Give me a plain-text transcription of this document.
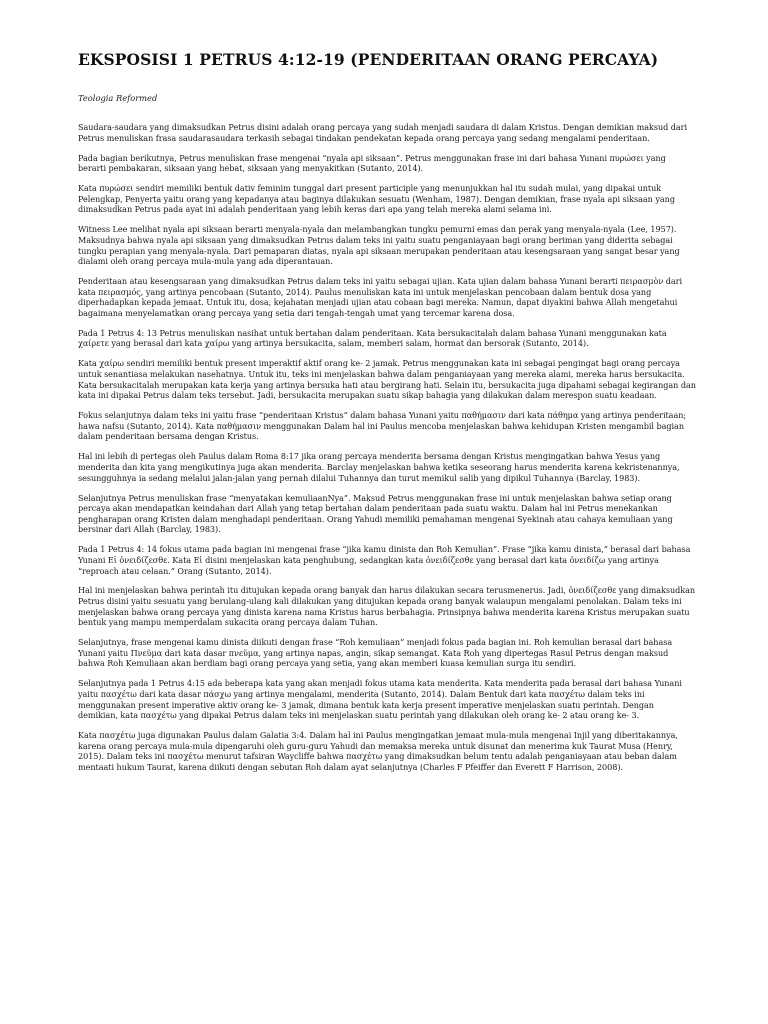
EKSPOSISI 1 PETRUS 4:12-19 (PENDERITAAN ORANG PERCAYA)
Teologia Reformed

Saudara-saudara yang dimaksudkan Petrus disini adalah orang percaya yang sudah menjadi saudara di dalam Kristus. Dengan demikian maksud dari Petrus menuliskan frasa saudarasaudara terkasih sebagai tindakan pendekatan kepada orang percaya yang sedang mengalami penderitaan.

Pada bagian berikutnya, Petrus menuliskan frase mengenai “nyala api siksaan”. Petrus menggunakan frase ini dari bahasa Yunani πυρώσει yang berarti pembakaran, siksaan yang hebat, siksaan yang menyakitkan (Sutanto, 2014).

Kata πυρώσει sendiri memiliki bentuk dativ feminim tunggal dari present participle yang menunjukkan hal itu sudah mulai, yang dipakai untuk Pelengkap, Penyerta yaitu orang yang kepadanya atau baginya dilakukan sesuatu (Wenham, 1987). Dengan demikian, frase nyala api siksaan yang dimaksudkan Petrus pada ayat ini adalah penderitaan yang lebih keras dari apa yang telah mereka alami selama ini.

Witness Lee melihat nyala api siksaan berarti menyala-nyala dan melambangkan tungku pemurni emas dan perak yang menyala-nyala (Lee, 1957). Maksudnya bahwa nyala api siksaan yang dimaksudkan Petrus dalam teks ini yaitu suatu penganiayaan bagi orang beriman yang diderita sebagai tungku perapian yang menyala-nyala. Dari pemaparan diatas, nyala api siksaan merupakan penderitaan atau kesengsaraan yang sangat besar yang dialami oleh orang percaya mula-mula yang ada diperantauan.

Penderitaan atau kesengsaraan yang dimaksudkan Petrus dalam teks ini yaitu sebagai ujian. Kata ujian dalam bahasa Yunani berarti πειρασμὸν dari kata πειρασμός, yang artinya pencobaan (Sutanto, 2014). Paulus menuliskan kata ini untuk menjelaskan pencobaan dalam bentuk dosa yang diperhadapkan kepada jemaat. Untuk itu, dosa, kejahatan menjadi ujian atau cobaan bagi mereka. Namun, dapat diyakini bahwa Allah mengetahui bagaimana menyelamatkan orang percaya yang setia dari tengah-tengah umat yang tercemar karena dosa.

Pada 1 Petrus 4: 13 Petrus menuliskan nasihat untuk bertahan dalam penderitaan. Kata bersukacitalah dalam bahasa Yunani menggunakan kata χαίρετε yang berasal dari kata χαίρω yang artinya bersukacita, salam, memberi salam, hormat dan bersorak (Sutanto, 2014).

Kata χαίρω sendiri memiliki bentuk present imperaktif aktif orang ke- 2 jamak. Petrus menggunakan kata ini sebagai pengingat bagi orang percaya untuk senantiasa melakukan nasehatnya. Untuk itu, teks ini menjelaskan bahwa dalam penganiayaan yang mereka alami, mereka harus bersukacita. Kata bersukacitalah merupakan kata kerja yang artinya bersuka hati atau bergirang hati. Selain itu, bersukacita juga dipahami sebagai kegirangan dan kata ini dipakai Petrus dalam teks tersebut. Jadi, bersukacita merupakan suatu sikap bahagia yang dilakukan dalam merespon suatu keadaan.

Fokus selanjutnya dalam teks ini yaitu frase “penderitaan Kristus” dalam bahasa Yunani yaitu παθήμασιν dari kata πάθημα yang artinya penderitaan; hawa nafsu (Sutanto, 2014). Kata παθήμασιν menggunakan Dalam hal ini Paulus mencoba menjelaskan bahwa kehidupan Kristen mengambil bagian dalam penderitaan bersama dengan Kristus.

Hal ini lebih di pertegas oleh Paulus dalam Roma 8:17 jika orang percaya menderita bersama dengan Kristus mengingatkan bahwa Yesus yang menderita dan kita yang mengikutinya juga akan menderita. Barclay menjelaskan bahwa ketika seseorang harus menderita karena kekristenannya, sesungguhnya ia sedang melalui jalan-jalan yang pernah dilalui Tuhannya dan turut memikul salib yang dipikul Tuhannya (Barclay, 1983).

Selanjutnya Petrus menuliskan frase “menyatakan kemuliaanNya”. Maksud Petrus menggunakan frase ini untuk menjelaskan bahwa setiap orang percaya akan mendapatkan keindahan dari Allah yang tetap bertahan dalam penderitaan pada suatu waktu. Dalam hal ini Petrus menekankan pengharapan orang Kristen dalam menghadapi penderitaan. Orang Yahudi memiliki pemahaman mengenai Syekinah atau cahaya kemuliaan yang bersinar dari Allah (Barclay, 1983).

Pada 1 Petrus 4: 14 fokus utama pada bagian ini mengenai frase “jika kamu dinista dan Roh Kemulian”. Frase “jika kamu dinista,” berasal dari bahasa Yunani Εἰ ὀνειδίζεσθε. Kata Εἰ disini menjelaskan kata penghubung, sedangkan kata ὀνειδίζεσθε yang berasal dari kata ὀνειδίζω yang artinya “reproach atau celaan.” Orang (Sutanto, 2014).

Hal ini menjelaskan bahwa perintah itu ditujukan kepada orang banyak dan harus dilakukan secara terusmenerus. Jadi, ὀνειδίζεσθε yang dimaksudkan Petrus disini yaitu sesuatu yang berulang-ulang kali dilakukan yang ditujukan kepada orang banyak walaupun mengalami penolakan. Dalam teks ini menjelaskan bahwa orang percaya yang dinista karena nama Kristus harus berbahagia. Prinsipnya bahwa menderita karena Kristus merupakan suatu bentuk yang mampu memperdalam sukacita orang percaya dalam Tuhan.

Selanjutnya, frase mengenai kamu dinista diikuti dengan frase “Roh kemuliaan” menjadi fokus pada bagian ini. Roh kemulian berasal dari bahasa Yunani yaitu Πνεῦμα dari kata dasar πνεῦμα, yang artinya napas, angin, sikap semangat. Kata Roh yang dipertegas Rasul Petrus dengan maksud bahwa Roh Kemuliaan akan berdiam bagi orang percaya yang setia, yang akan memberi kuasa kemulian surga itu sendiri.

Selanjutnya pada 1 Petrus 4:15 ada beberapa kata yang akan menjadi fokus utama kata menderita. Kata menderita pada berasal dari bahasa Yunani yaitu πασχέτω dari kata dasar πάσχω yang artinya mengalami, menderita (Sutanto, 2014). Dalam Bentuk dari kata πασχέτω dalam teks ini menggunakan present imperative aktiv orang ke- 3 jamak, dimana bentuk kata kerja present imperative menjelaskan suatu perintah. Dengan demikian, kata πασχέτω yang dipakai Petrus dalam teks ini menjelaskan suatu perintah yang dilakukan oleh orang ke- 2 atau orang ke- 3.

Kata πασχέτω juga digunakan Paulus dalam Galatia 3:4. Dalam hal ini Paulus mengingatkan jemaat mula-mula mengenai Injil yang diberitakannya, karena orang percaya mula-mula dipengaruhi oleh guru-guru Yahudi dan memaksa mereka untuk disunat dan menerima kuk Taurat Musa (Henry, 2015). Dalam teks ini πασχέτω menurut tafsiran Waycliffe bahwa πασχέτω yang dimaksudkan belum tentu adalah penganiayaan atau beban dalam mentaati hukum Taurat, karena diikuti dengan sebutan Roh dalam ayat selanjutnya (Charles F Pfeiffer dan Everett F Harrison, 2008).
